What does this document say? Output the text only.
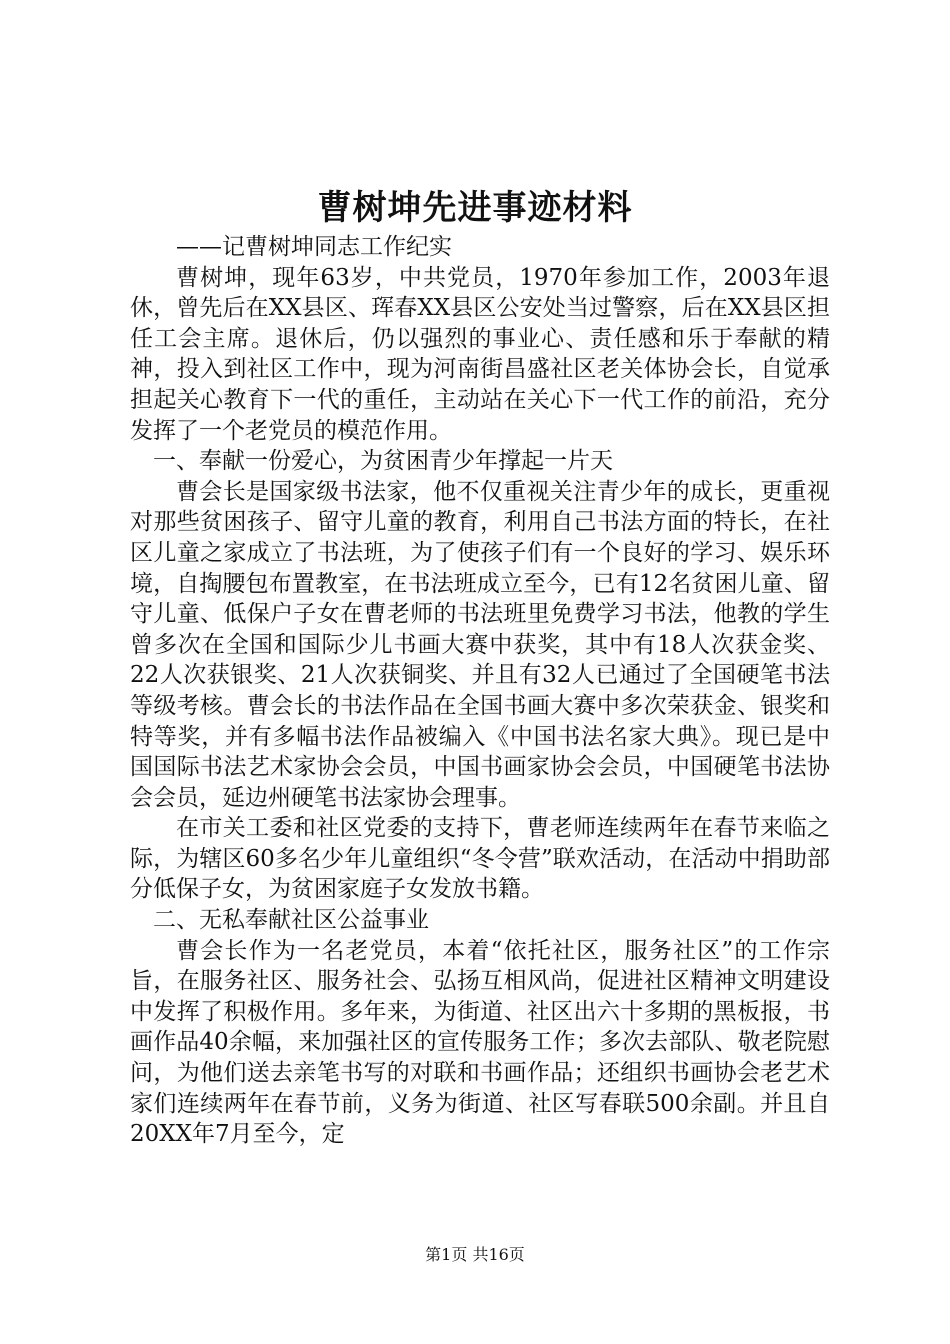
曹树坤先进事迹材料

——记曹树坤同志工作纪实

曹树坤，现年63岁，中共党员，1970年参加工作，2003年退休，曾先后在XX县区、珲春XX县区公安处当过警察，后在XX县区担任工会主席。退休后，仍以强烈的事业心、责任感和乐于奉献的精神，投入到社区工作中，现为河南街昌盛社区老关体协会长，自觉承担起关心教育下一代的重任，主动站在关心下一代工作的前沿，充分发挥了一个老党员的模范作用。

一、奉献一份爱心，为贫困青少年撑起一片天

曹会长是国家级书法家，他不仅重视关注青少年的成长，更重视对那些贫困孩子、留守儿童的教育，利用自己书法方面的特长，在社区儿童之家成立了书法班，为了使孩子们有一个良好的学习、娱乐环境，自掏腰包布置教室，在书法班成立至今，已有12名贫困儿童、留守儿童、低保户子女在曹老师的书法班里免费学习书法，他教的学生曾多次在全国和国际少儿书画大赛中获奖，其中有18人次获金奖、22人次获银奖、21人次获铜奖、并且有32人已通过了全国硬笔书法等级考核。曹会长的书法作品在全国书画大赛中多次荣获金、银奖和特等奖，并有多幅书法作品被编入《中国书法名家大典》。现已是中国国际书法艺术家协会会员，中国书画家协会会员，中国硬笔书法协会会员，延边州硬笔书法家协会理事。

在市关工委和社区党委的支持下，曹老师连续两年在春节来临之际，为辖区60多名少年儿童组织“冬令营”联欢活动，在活动中捐助部分低保子女，为贫困家庭子女发放书籍。

二、无私奉献社区公益事业

曹会长作为一名老党员，本着“依托社区，服务社区”的工作宗旨，在服务社区、服务社会、弘扬互相风尚，促进社区精神文明建设中发挥了积极作用。多年来，为街道、社区出六十多期的黑板报，书画作品40余幅，来加强社区的宣传服务工作；多次去部队、敬老院慰问，为他们送去亲笔书写的对联和书画作品；还组织书画协会老艺术家们连续两年在春节前，义务为街道、社区写春联500余副。并且自20XX年7月至今，定

第1页 共16页
